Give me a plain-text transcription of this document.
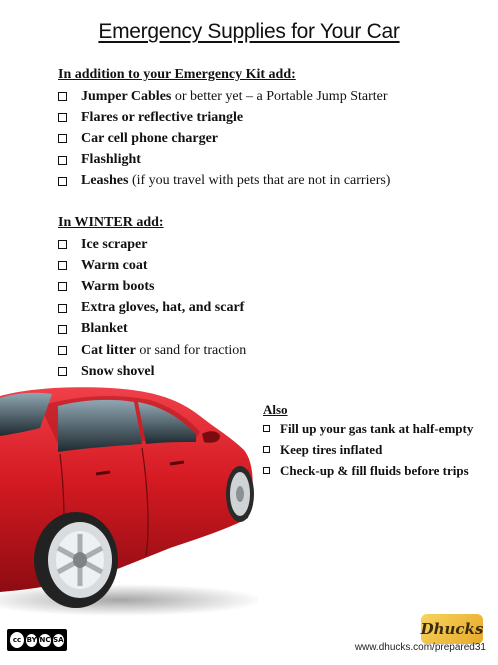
Emergency Supplies for Your Car
In addition to your Emergency Kit add:
Jumper Cables or better yet – a Portable Jump Starter
Flares or reflective triangle
Car cell phone charger
Flashlight
Leashes (if you travel with pets that are not in carriers)
In WINTER add:
Ice scraper
Warm coat
Warm boots
Extra gloves, hat, and scarf
Blanket
Cat litter or sand for traction
Snow shovel
Also
Fill up your gas tank at half-empty
Keep tires inflated
Check-up & fill fluids before trips
cc BY NC SA
Dhucks
www.dhucks.com/prepared31
